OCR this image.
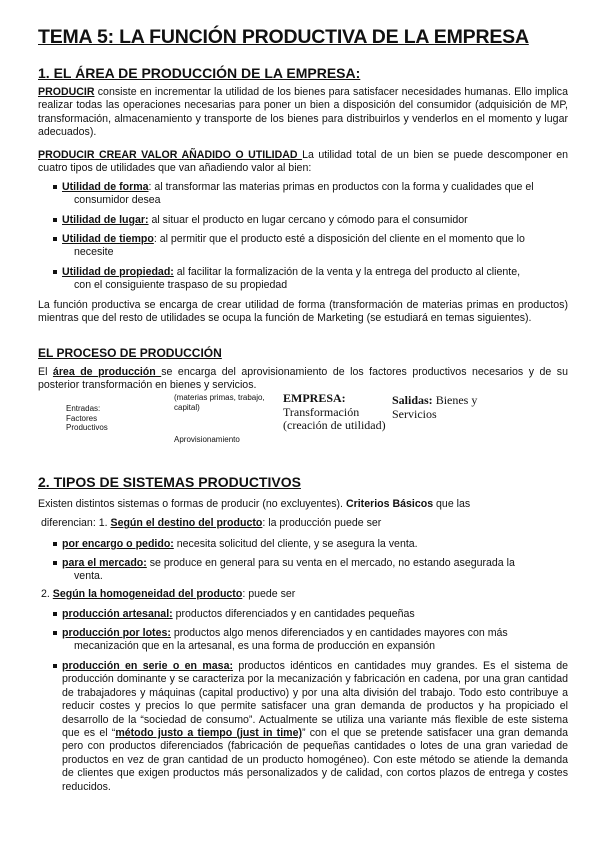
TEMA 5: LA FUNCIÓN PRODUCTIVA DE LA EMPRESA
1. EL ÁREA DE PRODUCCIÓN DE LA EMPRESA:
PRODUCIR consiste en incrementar la utilidad de los bienes para satisfacer necesidades humanas. Ello implica realizar todas las operaciones necesarias para poner un bien a disposición del consumidor (adquisición de MP, transformación, almacenamiento y transporte de los bienes para distribuirlos y venderlos en el momento y lugar adecuados).
PRODUCIR CREAR VALOR AÑADIDO O UTILIDAD La utilidad total de un bien se puede descomponer en cuatro tipos de utilidades que van añadiendo valor al bien:
Utilidad de forma: al transformar las materias primas en productos con la forma y cualidades que el
consumidor desea
Utilidad de lugar: al situar el producto en lugar cercano y cómodo para el consumidor
Utilidad de tiempo: al permitir que el producto esté a disposición del cliente en el momento que lo
necesite
Utilidad de propiedad: al facilitar la formalización de la venta y la entrega del producto al cliente,
con el consiguiente traspaso de su propiedad
La función productiva se encarga de crear utilidad de forma (transformación de materias primas en productos) mientras que del resto de utilidades se ocupa la función de Marketing (se estudiará en temas siguientes).
EL PROCESO DE PRODUCCIÓN
El área de producción se encarga del aprovisionamiento de los factores productivos necesarios y de su posterior transformación en bienes y servicios.
Entradas:
Factores
Productivos
(materias primas, trabajo,
capital)
Aprovisionamiento
EMPRESA:
Transformación
(creación de utilidad)
Salidas: Bienes y
Servicios
2. TIPOS DE SISTEMAS PRODUCTIVOS
Existen distintos sistemas o formas de producir (no excluyentes). Criterios Básicos que las
diferencian: 1. Según el destino del producto: la producción puede ser
por encargo o pedido: necesita solicitud del cliente, y se asegura la venta.
para el mercado: se produce en general para su venta en el mercado, no estando asegurada la
venta.
2. Según la homogeneidad del producto: puede ser
producción artesanal: productos diferenciados y en cantidades pequeñas
producción por lotes: productos algo menos diferenciados y en cantidades mayores con más
mecanización que en la artesanal, es una forma de producción en expansión
producción en serie o en masa: productos idénticos en cantidades muy grandes. Es el sistema de producción dominante y se caracteriza por la mecanización y fabricación en cadena, por una gran cantidad de trabajadores y máquinas (capital productivo) y por una alta división del trabajo. Todo esto contribuye a reducir costes y precios lo que permite satisfacer una gran demanda de productos y ha propiciado el desarrollo de la “sociedad de consumo”. Actualmente se utiliza una variante más flexible de este sistema que es el “método justo a tiempo (just in time)” con el que se pretende satisfacer una gran demanda pero con productos diferenciados (fabricación de pequeñas cantidades o lotes de una gran variedad de productos en vez de gran cantidad de un producto homogéneo). Con este método se atiende la demanda de clientes que exigen productos más personalizados y de calidad, con cortos plazos de entrega y costes reducidos.
